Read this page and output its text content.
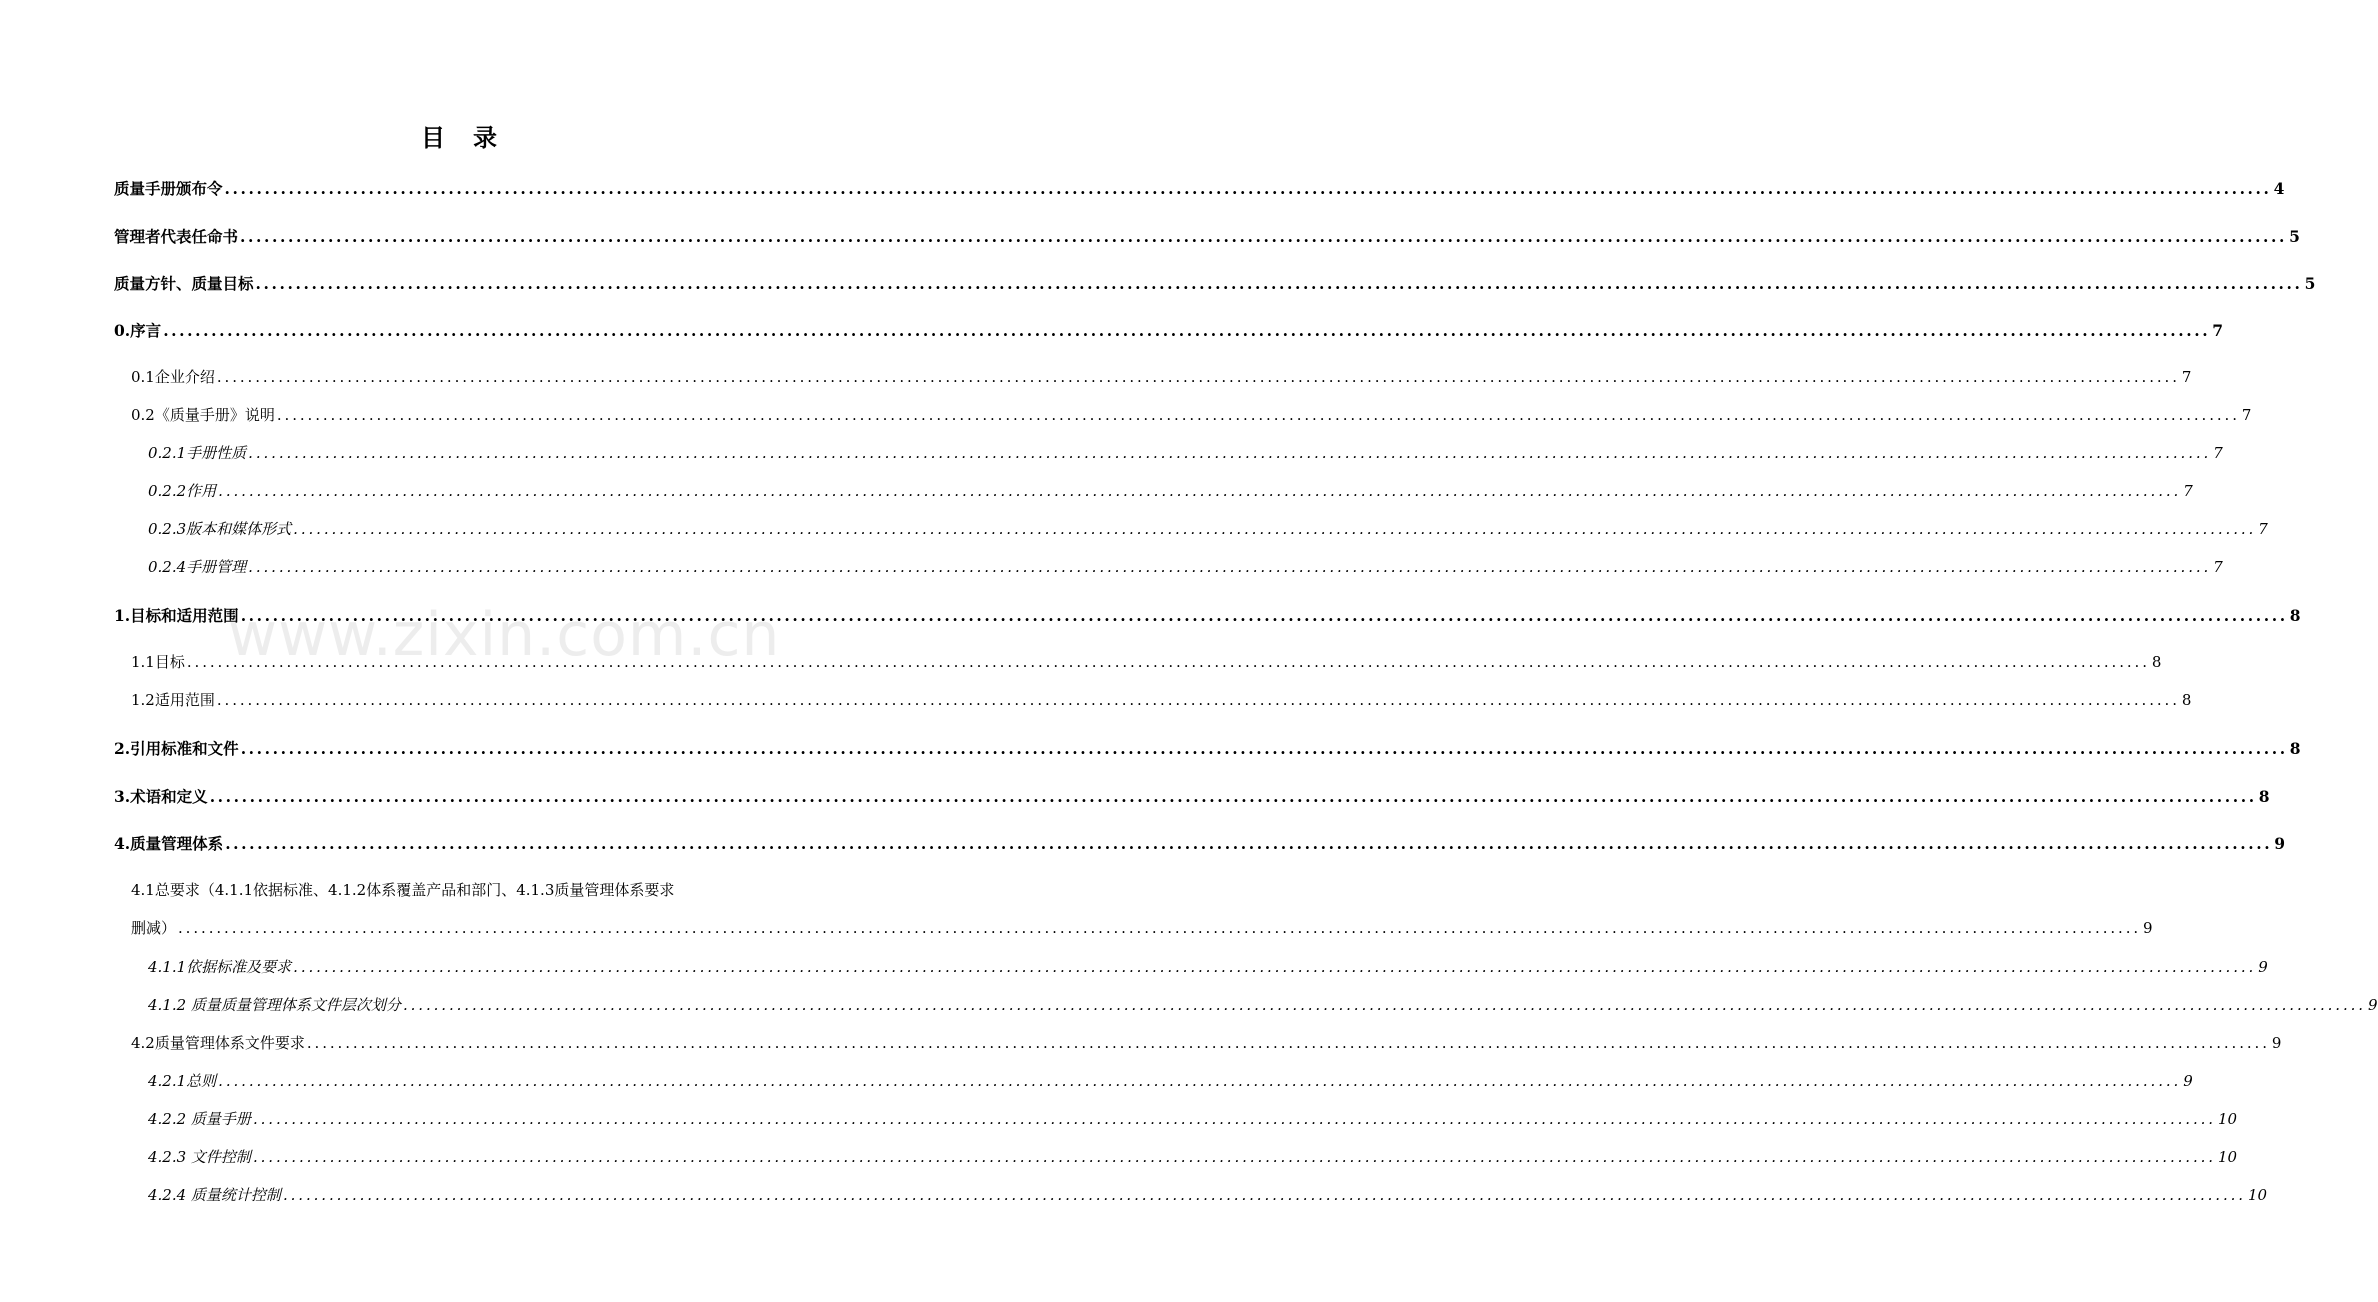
目　录
www.zixin.com.cn
质量手册颁布令 ................................................................................................................................................................................................................................................................ 4
管理者代表任命书 ................................................................................................................................................................................................................................................................ 5
质量方针、质量目标 ................................................................................................................................................................................................................................................................ 5
0.序言 ................................................................................................................................................................................................................................................................ 7
0.1企业介绍 ................................................................................................................................................................................................................................................................ 7
0.2《质量手册》说明 ................................................................................................................................................................................................................................................................ 7
0.2.1手册性质 ................................................................................................................................................................................................................................................................ 7
0.2.2作用 ................................................................................................................................................................................................................................................................ 7
0.2.3版本和媒体形式 ................................................................................................................................................................................................................................................................ 7
0.2.4手册管理 ................................................................................................................................................................................................................................................................ 7
1.目标和适用范围 ................................................................................................................................................................................................................................................................ 8
1.1目标 ................................................................................................................................................................................................................................................................ 8
1.2适用范围 ................................................................................................................................................................................................................................................................ 8
2.引用标准和文件 ................................................................................................................................................................................................................................................................ 8
3.术语和定义 ................................................................................................................................................................................................................................................................ 8
4.质量管理体系 ................................................................................................................................................................................................................................................................ 9
4.1总要求（4.1.1依据标准、4.1.2体系覆盖产品和部门、4.1.3质量管理体系要求
删减） ................................................................................................................................................................................................................................................................ 9
4.1.1依据标准及要求 ................................................................................................................................................................................................................................................................ 9
4.1.2 质量质量管理体系文件层次划分 ................................................................................................................................................................................................................................................................ 9
4.2质量管理体系文件要求 ................................................................................................................................................................................................................................................................ 9
4.2.1总则 ................................................................................................................................................................................................................................................................ 9
4.2.2 质量手册 ................................................................................................................................................................................................................................................................ 10
4.2.3 文件控制 ................................................................................................................................................................................................................................................................ 10
4.2.4 质量统计控制 ................................................................................................................................................................................................................................................................ 10
